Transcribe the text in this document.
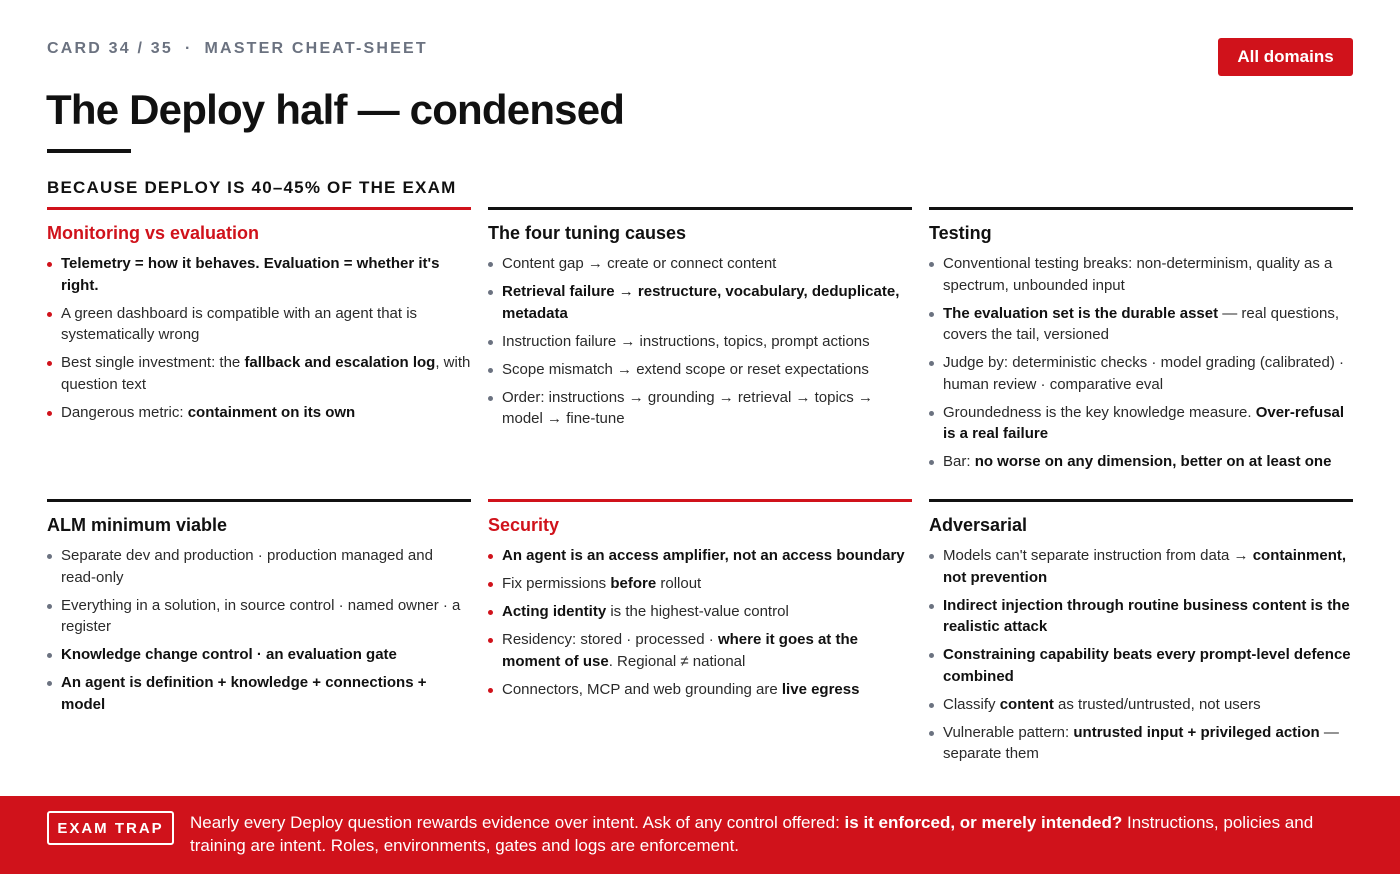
CARD 34 / 35 · MASTER CHEAT-SHEET	All domains
The Deploy half — condensed
BECAUSE DEPLOY IS 40–45% OF THE EXAM
Monitoring vs evaluation
Telemetry = how it behaves. Evaluation = whether it's right.
A green dashboard is compatible with an agent that is systematically wrong
Best single investment: the fallback and escalation log, with question text
Dangerous metric: containment on its own
The four tuning causes
Content gap → create or connect content
Retrieval failure → restructure, vocabulary, deduplicate, metadata
Instruction failure → instructions, topics, prompt actions
Scope mismatch → extend scope or reset expectations
Order: instructions → grounding → retrieval → topics → model → fine-tune
Testing
Conventional testing breaks: non-determinism, quality as a spectrum, unbounded input
The evaluation set is the durable asset — real questions, covers the tail, versioned
Judge by: deterministic checks · model grading (calibrated) · human review · comparative eval
Groundedness is the key knowledge measure. Over-refusal is a real failure
Bar: no worse on any dimension, better on at least one
ALM minimum viable
Separate dev and production · production managed and read-only
Everything in a solution, in source control · named owner · a register
Knowledge change control · an evaluation gate
An agent is definition + knowledge + connections + model
Security
An agent is an access amplifier, not an access boundary
Fix permissions before rollout
Acting identity is the highest-value control
Residency: stored · processed · where it goes at the moment of use. Regional ≠ national
Connectors, MCP and web grounding are live egress
Adversarial
Models can't separate instruction from data → containment, not prevention
Indirect injection through routine business content is the realistic attack
Constraining capability beats every prompt-level defence combined
Classify content as trusted/untrusted, not users
Vulnerable pattern: untrusted input + privileged action — separate them
EXAM TRAP	Nearly every Deploy question rewards evidence over intent. Ask of any control offered: is it enforced, or merely intended? Instructions, policies and training are intent. Roles, environments, gates and logs are enforcement.
